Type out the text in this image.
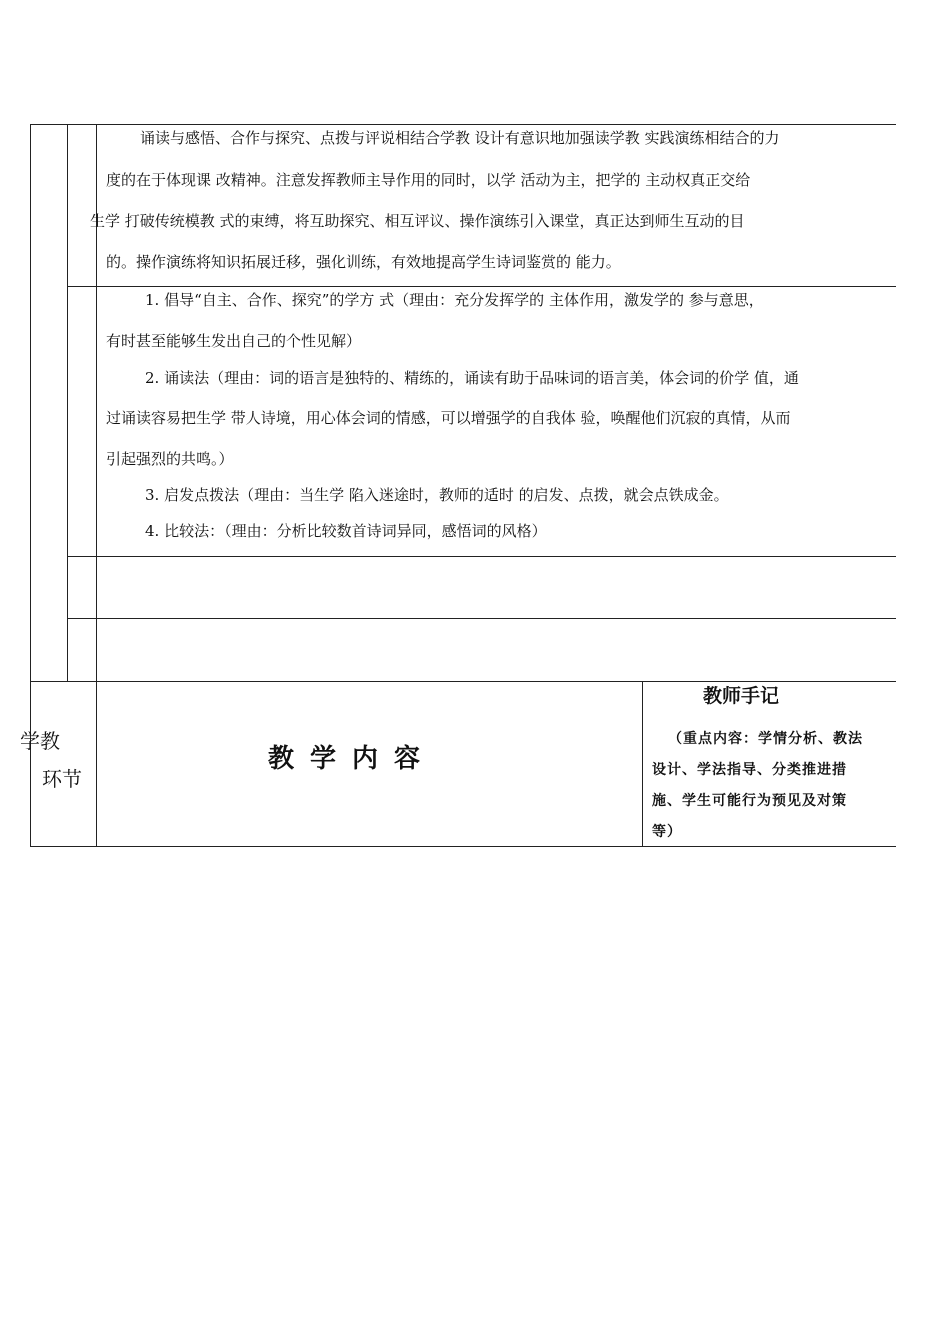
诵读与感悟、合作与探究、点拨与评说相结合学教 设计有意识地加强读学教 实践演练相结合的力
度的在于体现课 改精神。注意发挥教师主导作用的同时，以学 活动为主，把学的 主动权真正交给
生学 打破传统模教 式的束缚，将互助探究、相互评议、操作演练引入课堂，真正达到师生互动的目
的。操作演练将知识拓展迁移，强化训练，有效地提高学生诗词鉴赏的 能力。
1. 倡导“自主、合作、探究”的学方 式（理由：充分发挥学的 主体作用，激发学的 参与意思，
有时甚至能够生发出自己的个性见解）
2. 诵读法（理由：词的语言是独特的、精练的，诵读有助于品味词的语言美，体会词的价学 值，通
过诵读容易把生学 带人诗境，用心体会词的情感，可以增强学的自我体 验，唤醒他们沉寂的真情，从而
引起强烈的共鸣。）
3. 启发点拨法（理由：当生学 陷入迷途时，教师的适时 的启发、点拨，就会点铁成金。
4. 比较法：（理由：分析比较数首诗词异同，感悟词的风格）
学教
环节
教学内容
教师手记
（重点内容：学情分析、教法
设计、学法指导、分类推进措
施、学生可能行为预见及对策
等）
